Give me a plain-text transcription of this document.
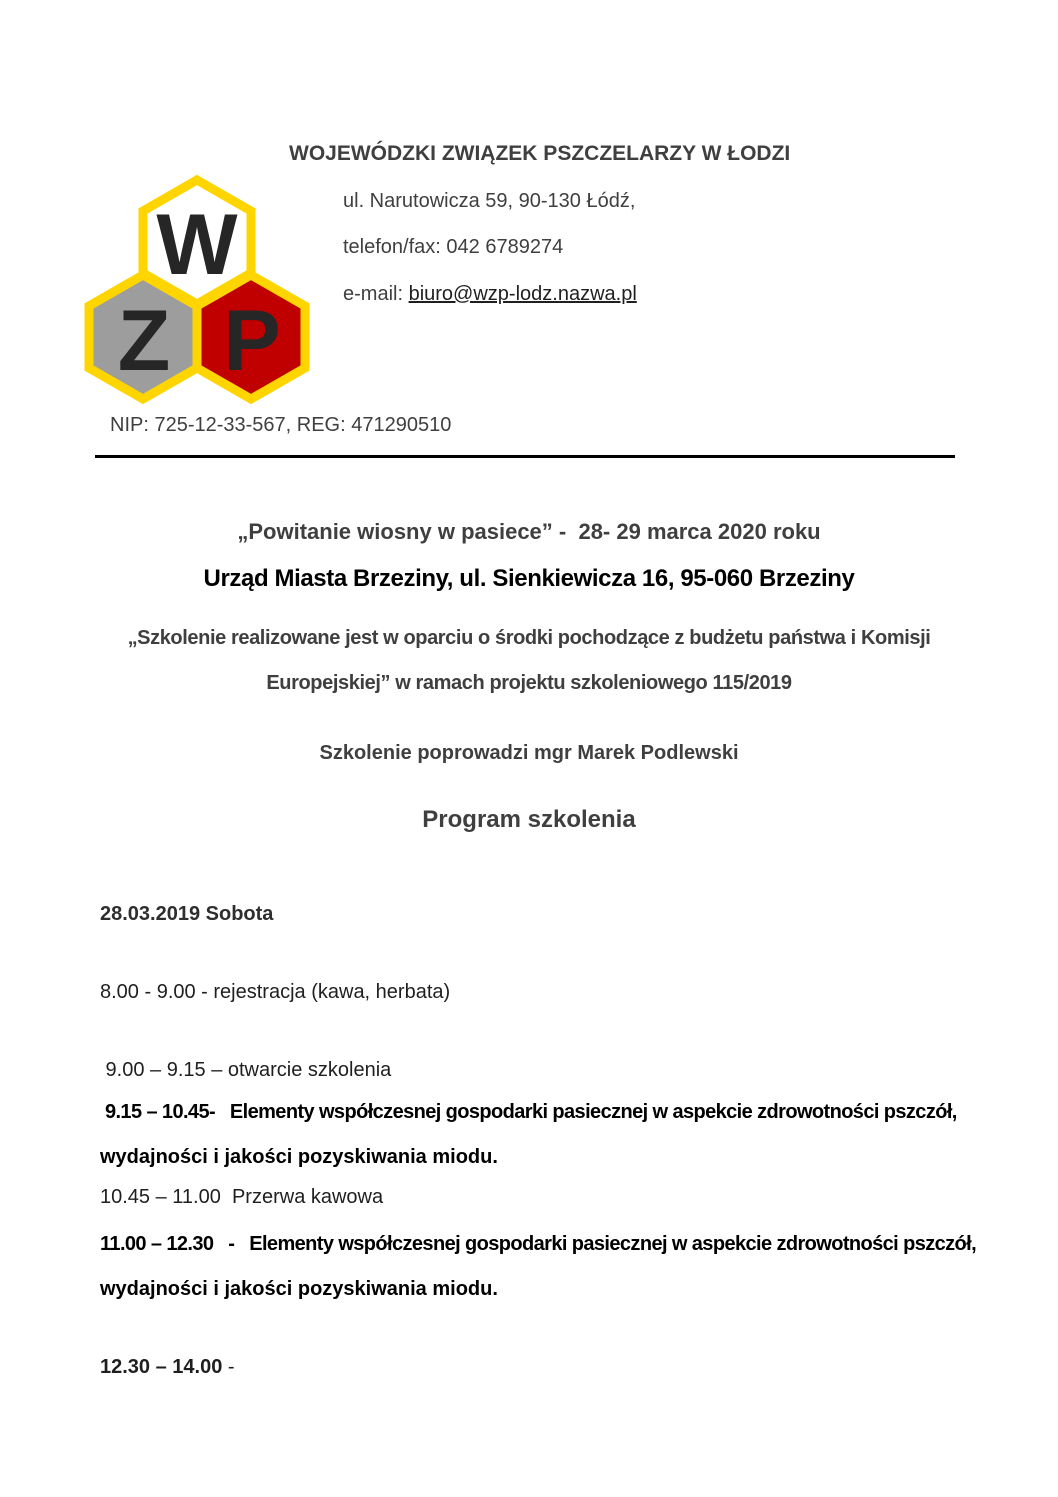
WOJEWÓDZKI ZWIĄZEK PSZCZELARZY W ŁODZI
W
Z P
ul. Narutowicza 59, 90-130 Łódź,
telefon/fax: 042 6789274
e-mail: biuro@wzp-lodz.nazwa.pl
NIP: 725-12-33-567, REG: 471290510
„Powitanie wiosny w pasiece” -  28- 29 marca 2020 roku
Urząd Miasta Brzeziny, ul. Sienkiewicza 16, 95-060 Brzeziny
„Szkolenie realizowane jest w oparciu o środki pochodzące z budżetu państwa i Komisji
Europejskiej” w ramach projektu szkoleniowego 115/2019
Szkolenie poprowadzi mgr Marek Podlewski
Program szkolenia
28.03.2019 Sobota
8.00 - 9.00 - rejestracja (kawa, herbata)
9.00 – 9.15 – otwarcie szkolenia
9.15 – 10.45-   Elementy współczesnej gospodarki pasiecznej w aspekcie zdrowotności pszczół,
wydajności i jakości pozyskiwania miodu.
10.45 – 11.00  Przerwa kawowa
11.00 – 12.30   -   Elementy współczesnej gospodarki pasiecznej w aspekcie zdrowotności pszczół,
wydajności i jakości pozyskiwania miodu.
12.30 – 14.00 -
